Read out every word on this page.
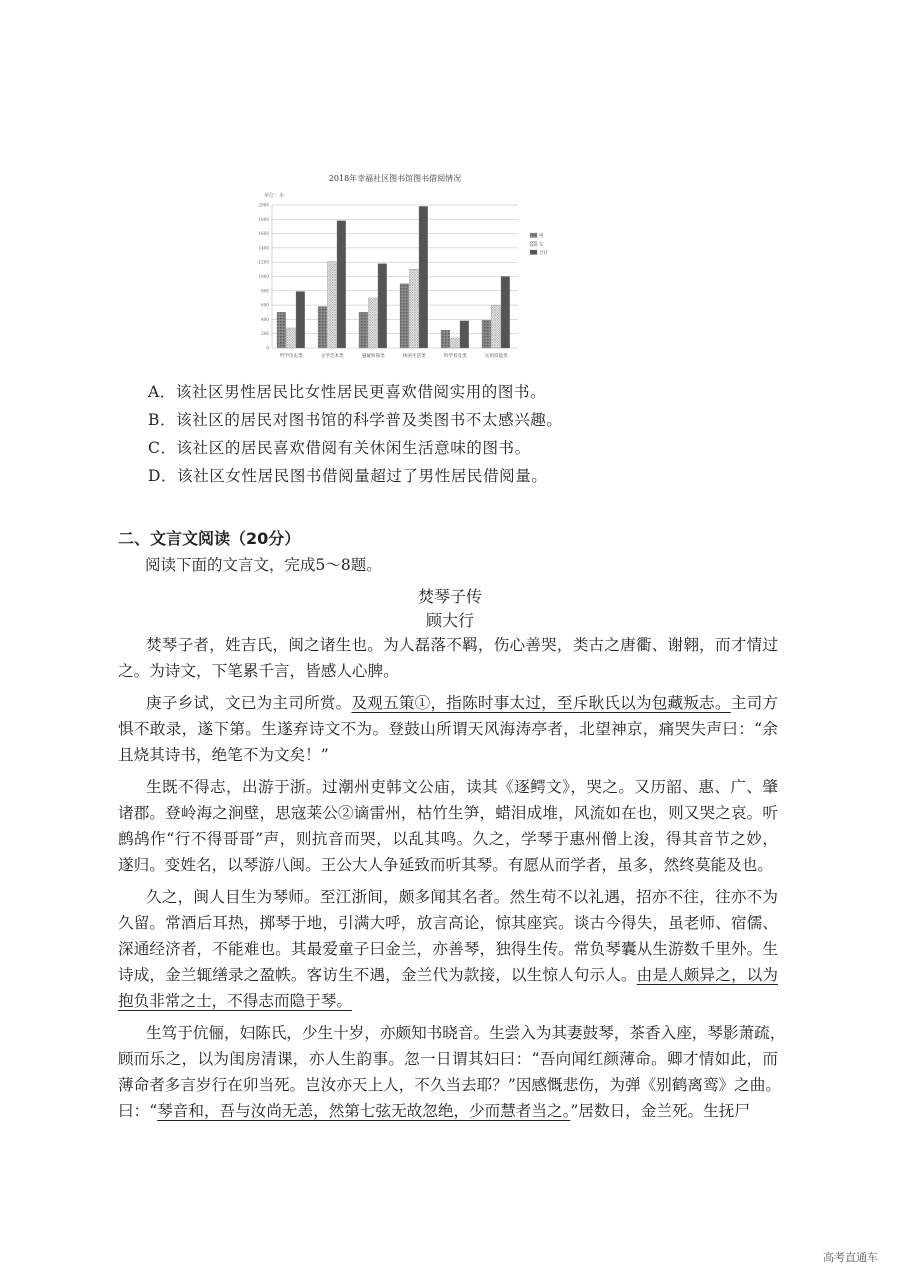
2018年幸福社区图书馆图书借阅情况
单位：本
0
200
400
600
800
1000
1200
1400
1600
1800
2000
哲学历史类	文学艺术类	悬疑侦探类	休闲生活类	科学普及类	实用技能类
男
女
合计
A．该社区男性居民比女性居民更喜欢借阅实用的图书。
B．该社区的居民对图书馆的科学普及类图书不太感兴趣。
C．该社区的居民喜欢借阅有关休闲生活意味的图书。
D．该社区女性居民图书借阅量超过了男性居民借阅量。
二、文言文阅读（20分）
阅读下面的文言文，完成5～8题。
焚琴子传
顾大行
焚琴子者，姓吉氏，闽之诸生也。为人磊落不羁，伤心善哭，类古之唐衢、谢翱，而才情过
之。为诗文，下笔累千言，皆感人心脾。
庚子乡试，文已为主司所赏。及观五策①，指陈时事太过，至斥耿氏以为包藏叛志。主司方
惧不敢录，遂下第。生遂弃诗文不为。登鼓山所谓天风海涛亭者，北望神京，痛哭失声曰：“余
且烧其诗书，绝笔不为文矣！”
生既不得志，出游于浙。过潮州吏韩文公庙，读其《逐鳄文》，哭之。又历韶、惠、广、肇
诸郡。登岭海之涧壁，思寇莱公②谪雷州，枯竹生笋，蜡泪成堆，风流如在也，则又哭之哀。听
鹧鸪作“行不得哥哥”声，则抗音而哭，以乱其鸣。久之，学琴于惠州僧上浚，得其音节之妙，
遂归。变姓名，以琴游八闽。王公大人争延致而听其琴。有愿从而学者，虽多，然终莫能及也。
久之，闽人目生为琴师。至江浙间，颇多闻其名者。然生苟不以礼遇，招亦不往，往亦不为
久留。常酒后耳热，掷琴于地，引满大呼，放言高论，惊其座宾。谈古今得失，虽老师、宿儒、
深通经济者，不能难也。其最爱童子曰金兰，亦善琴，独得生传。常负琴囊从生游数千里外。生
诗成，金兰辄缮录之盈帙。客访生不遇，金兰代为款接，以生惊人句示人。由是人颇异之，以为
抱负非常之士，不得志而隐于琴。
生笃于伉俪，妇陈氏，少生十岁，亦颇知书晓音。生尝入为其妻鼓琴，茶香入座，琴影萧疏，
顾而乐之，以为闺房清课，亦人生韵事。忽一日谓其妇曰：“吾向闻红颜薄命。卿才情如此，而
薄命者多言岁行在卯当死。岂汝亦天上人，不久当去耶？”因感慨悲伤，为弹《别鹤离鸾》之曲。
曰：“琴音和，吾与汝尚无恙，然第七弦无故忽绝，少而慧者当之。”居数日，金兰死。生抚尸
高考直通车
